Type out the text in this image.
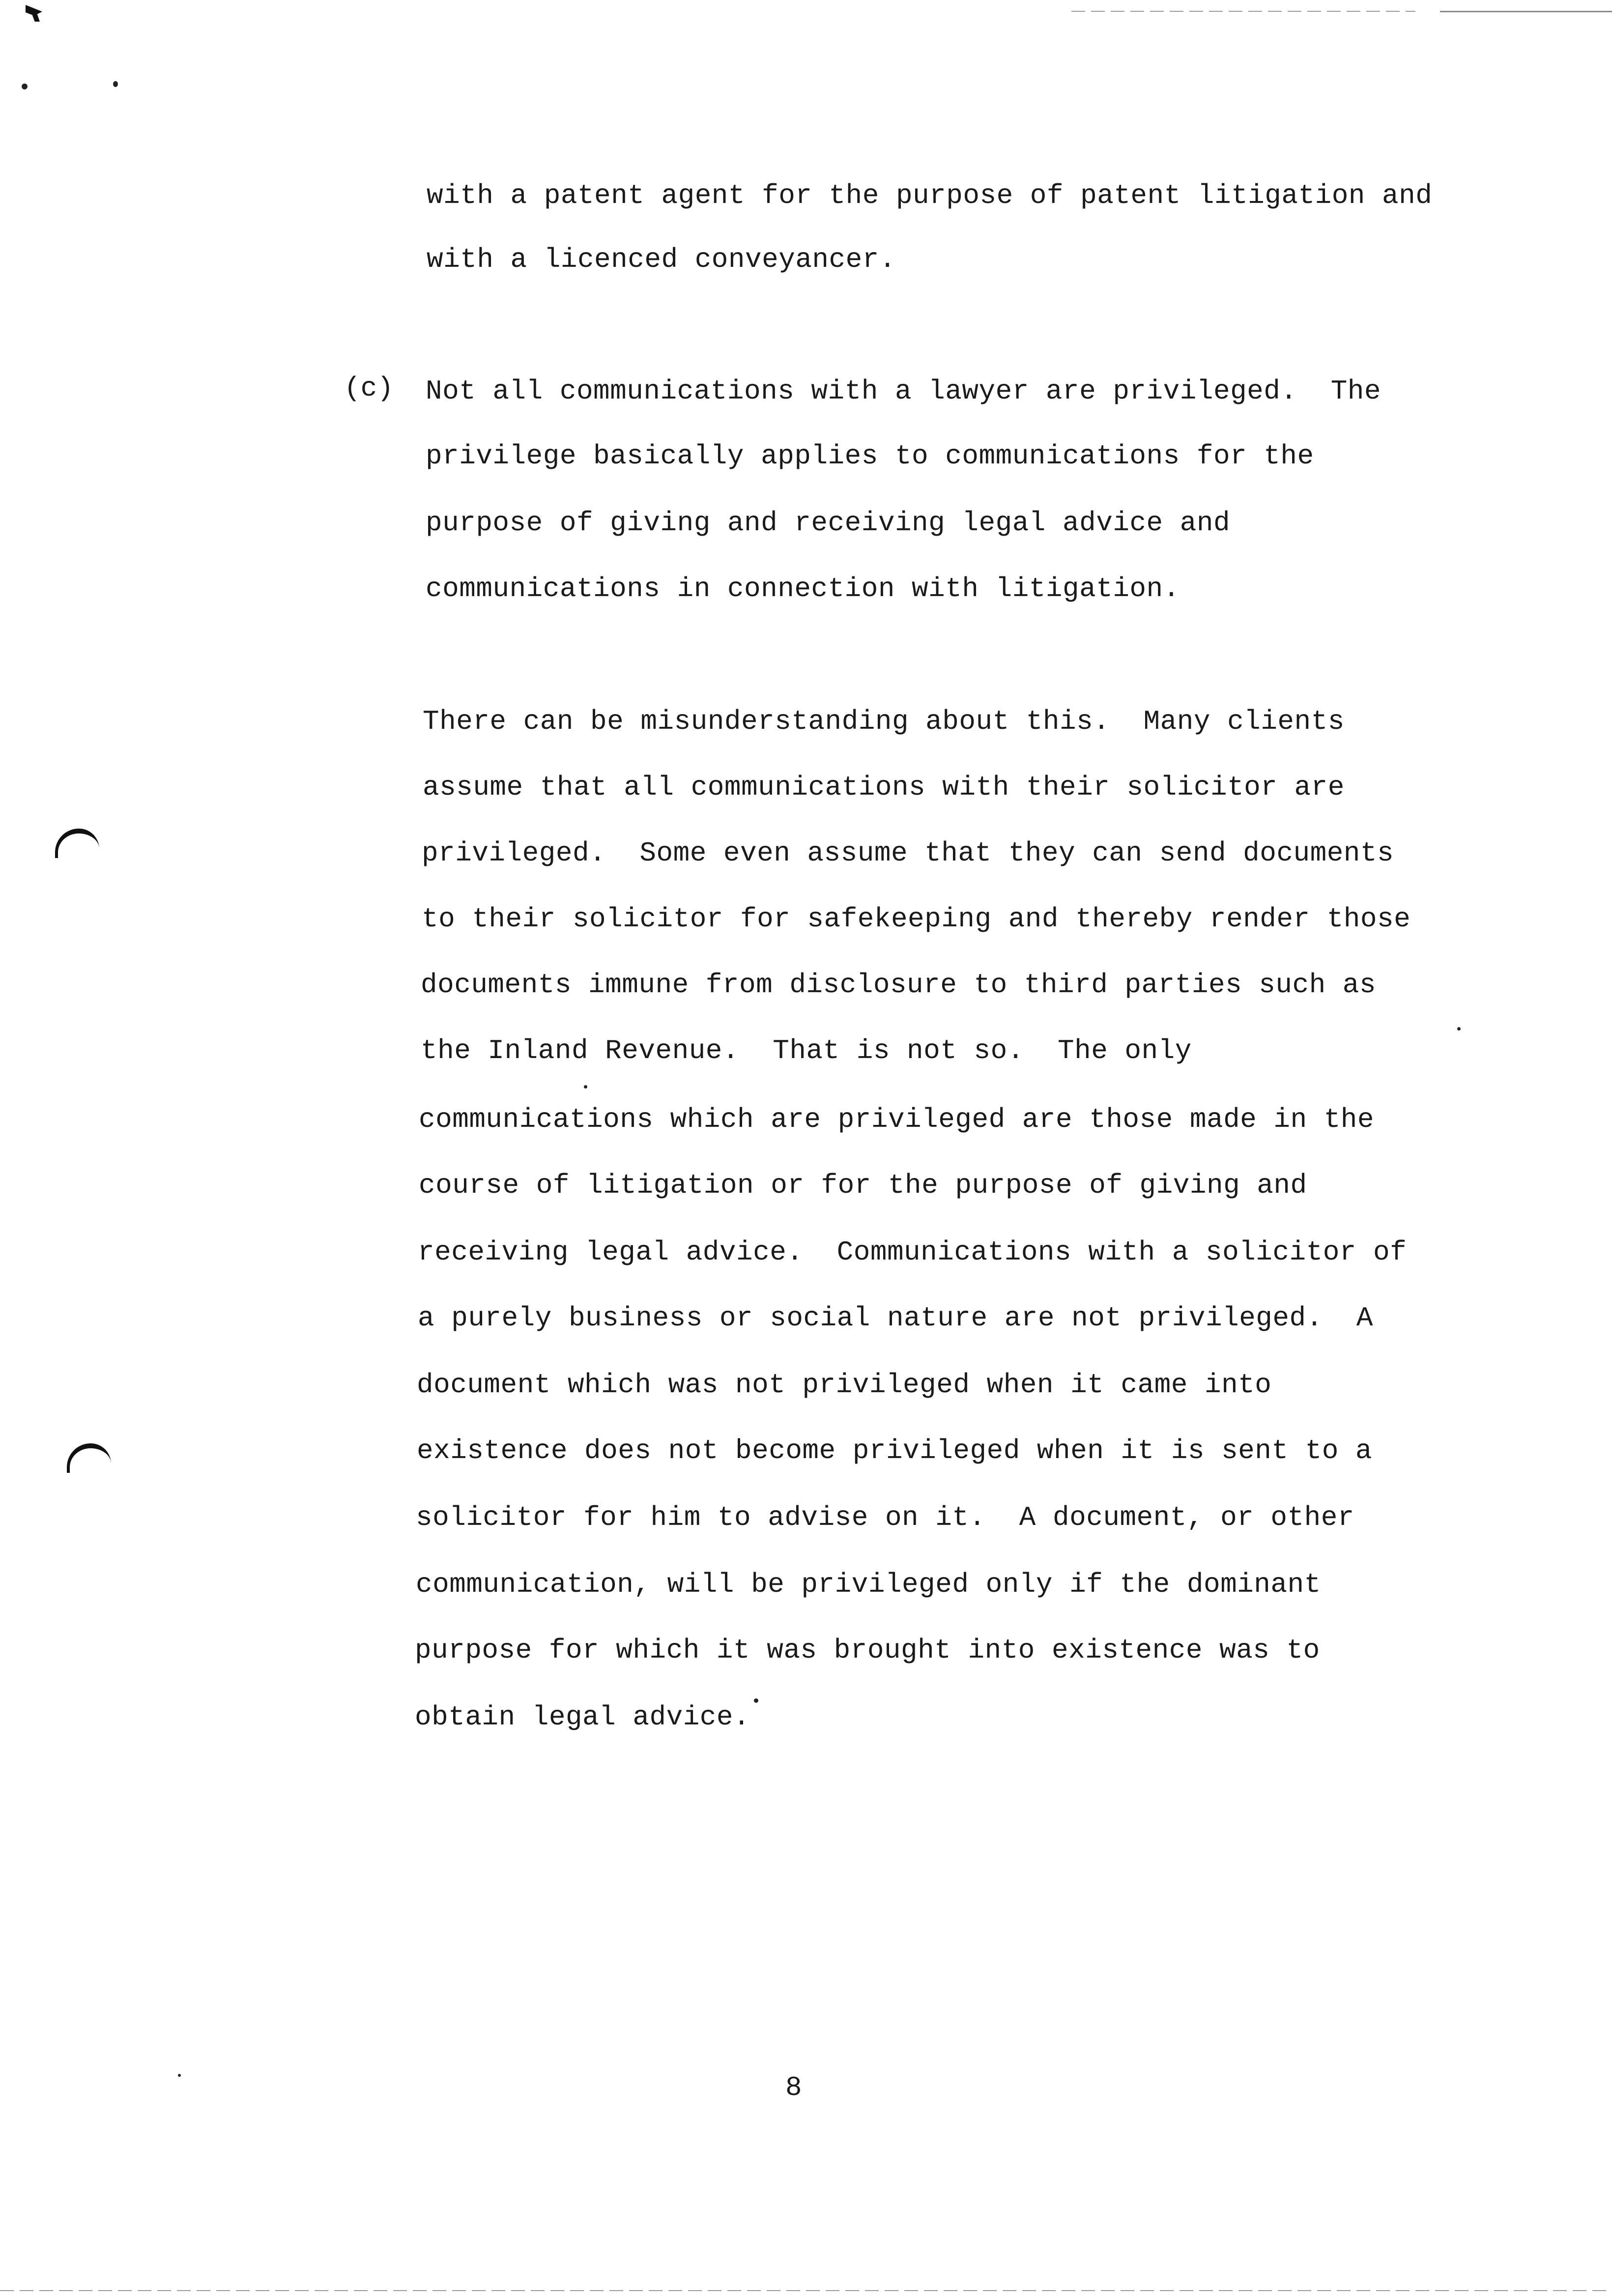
with a patent agent for the purpose of patent litigation and
with a licenced conveyancer.
(c) Not all communications with a lawyer are privileged.  The
privilege basically applies to communications for the
purpose of giving and receiving legal advice and
communications in connection with litigation.
There can be misunderstanding about this.  Many clients
assume that all communications with their solicitor are
privileged.  Some even assume that they can send documents
to their solicitor for safekeeping and thereby render those
documents immune from disclosure to third parties such as
the Inland Revenue.  That is not so.  The only
communications which are privileged are those made in the
course of litigation or for the purpose of giving and
receiving legal advice.  Communications with a solicitor of
a purely business or social nature are not privileged.  A
document which was not privileged when it came into
existence does not become privileged when it is sent to a
solicitor for him to advise on it.  A document, or other
communication, will be privileged only if the dominant
purpose for which it was brought into existence was to
obtain legal advice.
8
